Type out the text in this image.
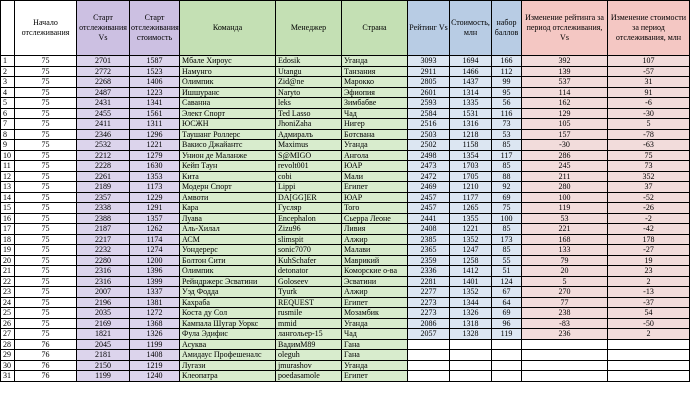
	Начало отслеживания	Старт отслеживания Vs	Старт отслеживания стоимость	Команда	Менеджер	Страна	Рейтинг Vs	Стоимость, млн	набор баллов	Изменение рейтинга за период отслеживания, Vs	Изменение стоимости за период отслеживания, млн
1	75	2701	1587	Мбале Хироус	Edosik	Уганда	3093	1694	166	392	107
2	75	2772	1523	Намунго	Utangu	Танзания	2911	1466	112	139	-57
3	75	2268	1406	Олимпик	Zid@ne	Марокко	2805	1437	99	537	31
4	75	2487	1223	Ишшуранс	Naryto	Эфиопия	2601	1314	95	114	91
5	75	2431	1341	Саванна	leks	Зимбабве	2593	1335	56	162	-6
6	75	2455	1561	Элект Спорт	Ted Lasso	Чад	2584	1531	116	129	-30
7	75	2411	1311	ЮСЖН	JhoniZaha	Нигер	2516	1316	73	105	5
8	75	2346	1296	Таушанг Роллерс	Адмиралъ	Ботсвана	2503	1218	53	157	-78
9	75	2532	1221	Вакисо Джайантс	Maximus	Уганда	2502	1158	85	-30	-63
10	75	2212	1279	Унион де Маланже	S@MIGO	Ангола	2498	1354	117	286	75
11	75	2228	1630	Кейп Таун	revolt001	ЮАР	2473	1703	85	245	73
12	75	2261	1353	Кита	cobi	Мали	2472	1705	88	211	352
13	75	2189	1173	Модерн Спорт	Lippi	Египет	2469	1210	92	280	37
14	75	2357	1229	Амвоти	DA[GG]ER	ЮАР	2457	1177	69	100	-52
15	75	2338	1291	Кара	Гусляр	Того	2457	1265	75	119	-26
16	75	2388	1357	Луава	Encephalon	Сьерра Леоне	2441	1355	100	53	-2
17	75	2187	1262	Аль-Хилал	Zizu96	Ливия	2408	1221	85	221	-42
18	75	2217	1174	АСМ	slimspit	Алжир	2385	1352	173	168	178
19	75	2232	1274	Уондерерс	sonic7070	Малави	2365	1247	85	133	-27
20	75	2280	1200	Болтон Сити	KuhSchafer	Маврикий	2359	1258	55	79	19
21	75	2316	1396	Олимпик	detonator	Коморские о-ва	2336	1412	51	20	23
22	75	2316	1399	Рейндржерс Эсватини	Goloseev	Эсватини	2281	1401	124	5	2
23	75	2007	1337	Уэд Фодда	Tyurk	Алжир	2277	1352	67	270	-13
24	75	2196	1381	Кахраба	REQUEST	Египет	2273	1344	64	77	-37
25	75	2035	1272	Коста ду Сол	rusmile	Мозамбик	2273	1326	69	238	54
26	75	2169	1368	Кампала Шугар Уоркс	mmid	Уганда	2086	1318	96	-83	-50
27	75	1821	1326	Фула Эдифис	лангольер-15	Чад	2057	1328	119	236	2
28	76	2045	1199	Асуква	ВадимМ89	Гана					
29	76	2181	1408	Амидаус Профешеналс	oleguh	Гана					
30	76	2150	1219	Лугази	jmurashov	Уганда					
31	76	1199	1240	Клеопатра	poedasamole	Египет					
